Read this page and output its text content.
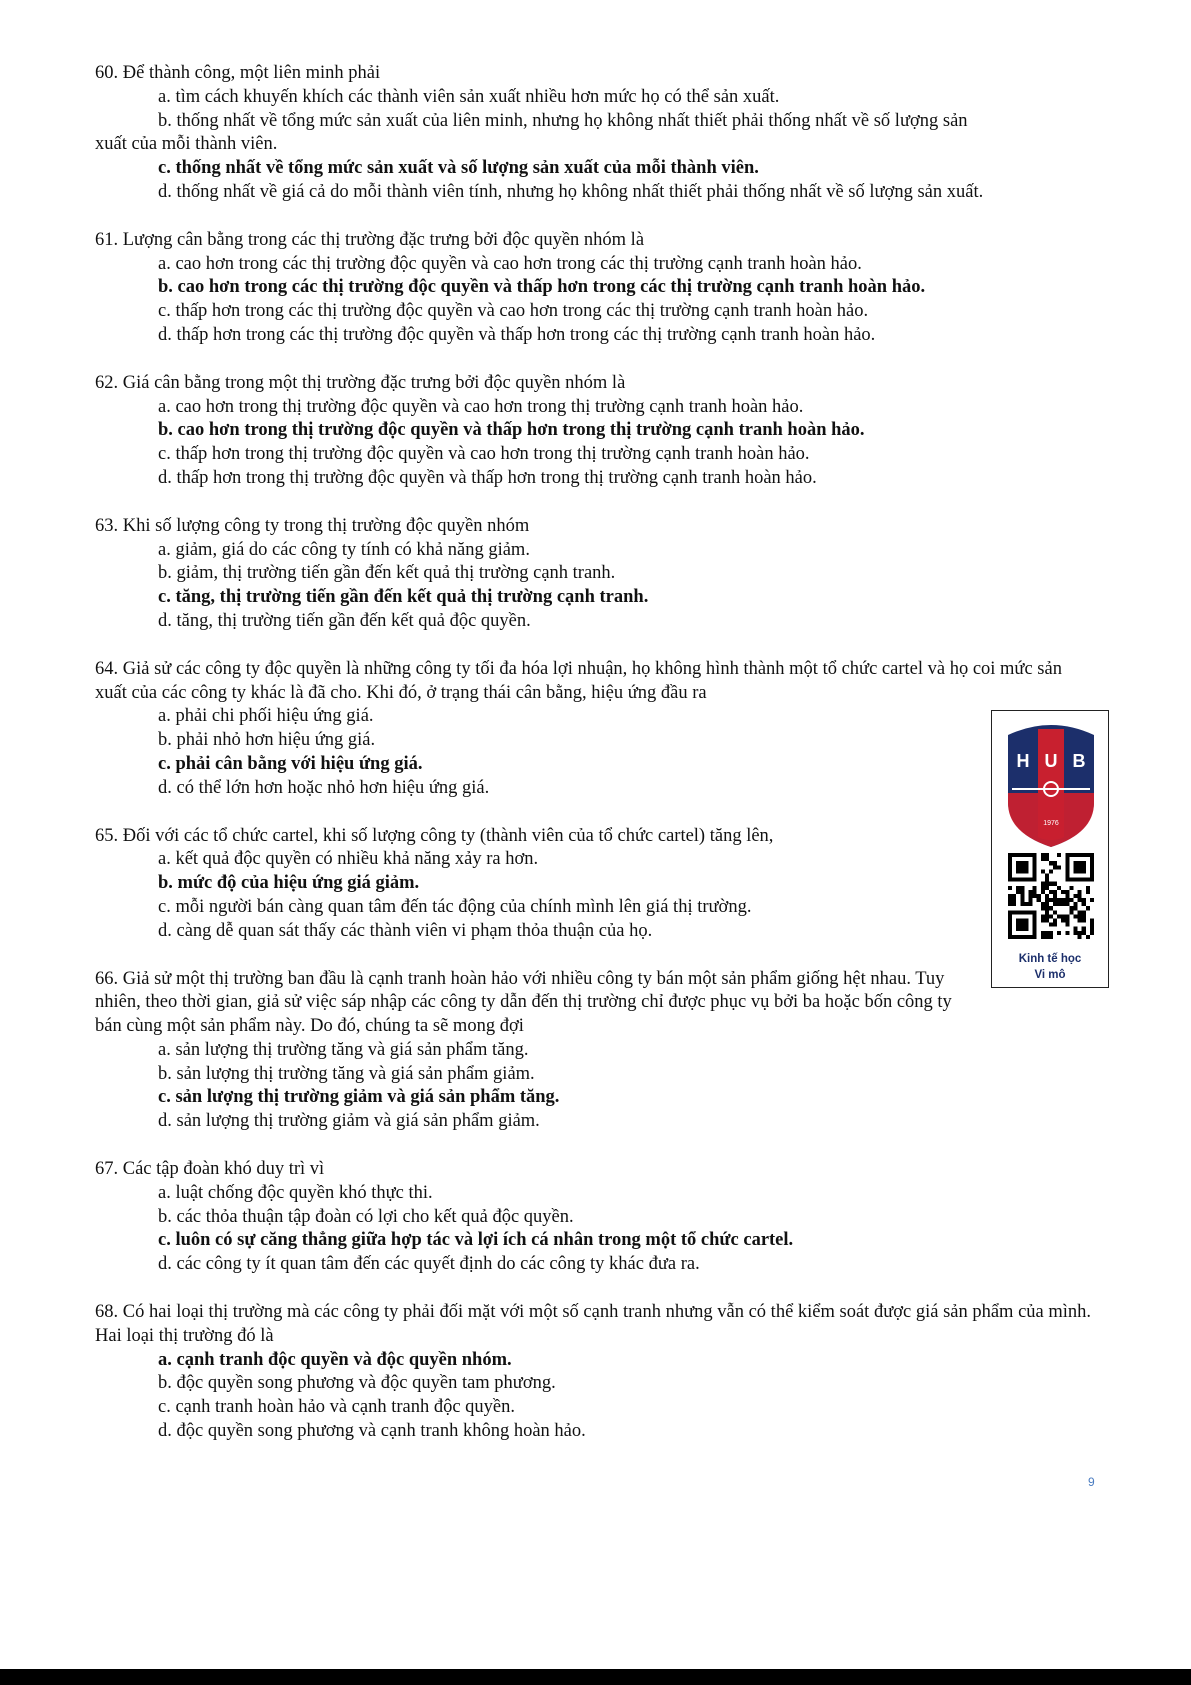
60. Để thành công, một liên minh phải

a. tìm cách khuyến khích các thành viên sản xuất nhiều hơn mức họ có thể sản xuất.
b. thống nhất về tổng mức sản xuất của liên minh, nhưng họ không nhất thiết phải thống nhất về số lượng sản
xuất của mỗi thành viên.
c. thống nhất về tổng mức sản xuất và số lượng sản xuất của mỗi thành viên.
d. thống nhất về giá cả do mỗi thành viên tính, nhưng họ không nhất thiết phải thống nhất về số lượng sản xuất.

61. Lượng cân bằng trong các thị trường đặc trưng bởi độc quyền nhóm là

a. cao hơn trong các thị trường độc quyền và cao hơn trong các thị trường cạnh tranh hoàn hảo.
b. cao hơn trong các thị trường độc quyền và thấp hơn trong các thị trường cạnh tranh hoàn hảo.
c. thấp hơn trong các thị trường độc quyền và cao hơn trong các thị trường cạnh tranh hoàn hảo.
d. thấp hơn trong các thị trường độc quyền và thấp hơn trong các thị trường cạnh tranh hoàn hảo.

62. Giá cân bằng trong một thị trường đặc trưng bởi độc quyền nhóm là

a. cao hơn trong thị trường độc quyền và cao hơn trong thị trường cạnh tranh hoàn hảo.
b. cao hơn trong thị trường độc quyền và thấp hơn trong thị trường cạnh tranh hoàn hảo.
c. thấp hơn trong thị trường độc quyền và cao hơn trong thị trường cạnh tranh hoàn hảo.
d. thấp hơn trong thị trường độc quyền và thấp hơn trong thị trường cạnh tranh hoàn hảo.

63. Khi số lượng công ty trong thị trường độc quyền nhóm

a. giảm, giá do các công ty tính có khả năng giảm.
b. giảm, thị trường tiến gần đến kết quả thị trường cạnh tranh.
c. tăng, thị trường tiến gần đến kết quả thị trường cạnh tranh.
d. tăng, thị trường tiến gần đến kết quả độc quyền.

64. Giả sử các công ty độc quyền là những công ty tối đa hóa lợi nhuận, họ không hình thành một tổ chức cartel và họ coi mức sản xuất của các công ty khác là đã cho. Khi đó, ở trạng thái cân bằng, hiệu ứng đầu ra

a. phải chi phối hiệu ứng giá.
b. phải nhỏ hơn hiệu ứng giá.
c. phải cân bằng với hiệu ứng giá.
d. có thể lớn hơn hoặc nhỏ hơn hiệu ứng giá.

65. Đối với các tổ chức cartel, khi số lượng công ty (thành viên của tổ chức cartel) tăng lên,

a. kết quả độc quyền có nhiều khả năng xảy ra hơn.
b. mức độ của hiệu ứng giá giảm.
c. mỗi người bán càng quan tâm đến tác động của chính mình lên giá thị trường.
d. càng dễ quan sát thấy các thành viên vi phạm thỏa thuận của họ.

66. Giả sử một thị trường ban đầu là cạnh tranh hoàn hảo với nhiều công ty bán một sản phẩm giống hệt nhau. Tuy nhiên, theo thời gian, giả sử việc sáp nhập các công ty dẫn đến thị trường chỉ được phục vụ bởi ba hoặc bốn công ty bán cùng một sản phẩm này. Do đó, chúng ta sẽ mong đợi

a. sản lượng thị trường tăng và giá sản phẩm tăng.
b. sản lượng thị trường tăng và giá sản phẩm giảm.
c. sản lượng thị trường giảm và giá sản phẩm tăng.
d. sản lượng thị trường giảm và giá sản phẩm giảm.

67. Các tập đoàn khó duy trì vì

a. luật chống độc quyền khó thực thi.
b. các thỏa thuận tập đoàn có lợi cho kết quả độc quyền.
c. luôn có sự căng thẳng giữa hợp tác và lợi ích cá nhân trong một tổ chức cartel.
d. các công ty ít quan tâm đến các quyết định do các công ty khác đưa ra.

68. Có hai loại thị trường mà các công ty phải đối mặt với một số cạnh tranh nhưng vẫn có thể kiểm soát được giá sản phẩm của mình. Hai loại thị trường đó là

a. cạnh tranh độc quyền và độc quyền nhóm.
b. độc quyền song phương và độc quyền tam phương.
c. cạnh tranh hoàn hảo và cạnh tranh độc quyền.
d. độc quyền song phương và cạnh tranh không hoàn hảo.
H U B
1976
Kinh tế học
Vi mô
9
